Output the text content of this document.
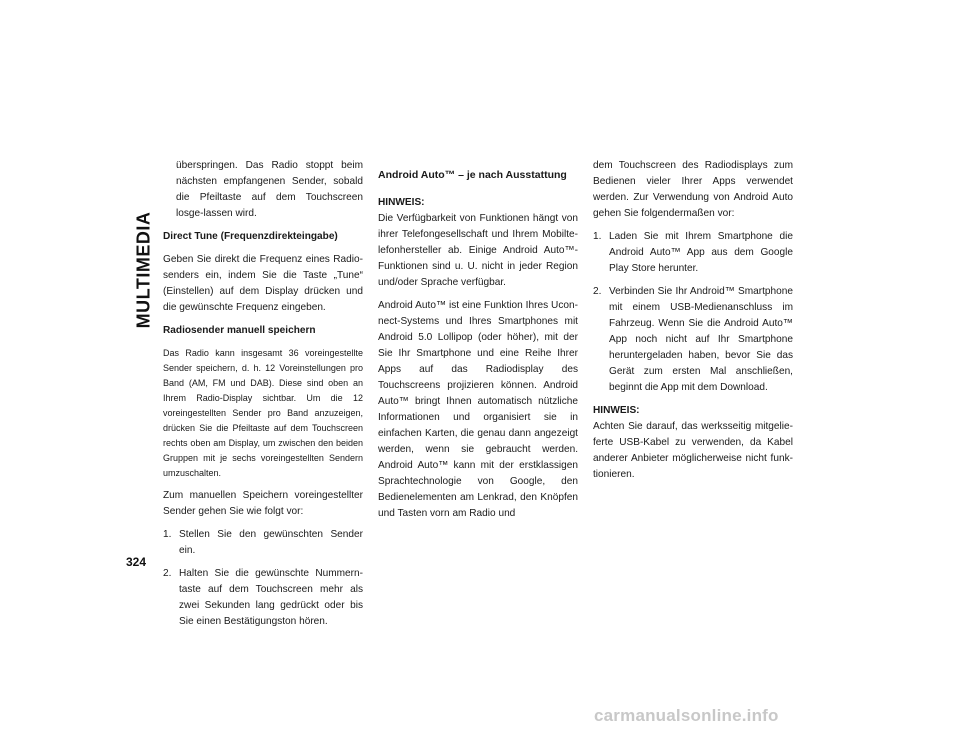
MULTIMEDIA
324

überspringen. Das Radio stoppt beim nächsten empfangenen Sender, sobald die Pfeiltaste auf dem Touchscreen losge-lassen wird.

Direct Tune (Frequenzdirekteingabe)

Geben Sie direkt die Frequenz eines Radio-senders ein, indem Sie die Taste „Tune“ (Einstellen) auf dem Display drücken und die gewünschte Frequenz eingeben.

Radiosender manuell speichern

Das Radio kann insgesamt 36 voreingestellte Sender speichern, d. h. 12 Voreinstellungen pro Band (AM, FM und DAB). Diese sind oben an Ihrem Radio-Display sichtbar. Um die 12 voreingestellten Sender pro Band anzuzeigen, drücken Sie die Pfeiltaste auf dem Touchscreen rechts oben am Display, um zwischen den beiden Gruppen mit je sechs voreingestellten Sendern umzuschalten.

Zum manuellen Speichern voreingestellter Sender gehen Sie wie folgt vor:

1. Stellen Sie den gewünschten Sender ein.
2. Halten Sie die gewünschte Nummern-taste auf dem Touchscreen mehr als zwei Sekunden lang gedrückt oder bis Sie einen Bestätigungston hören.

Android Auto™ – je nach Ausstattung

HINWEIS:

Die Verfügbarkeit von Funktionen hängt von ihrer Telefongesellschaft und Ihrem Mobilte-lefonhersteller ab. Einige Android Auto™-Funktionen sind u. U. nicht in jeder Region und/oder Sprache verfügbar.

Android Auto™ ist eine Funktion Ihres Ucon-nect-Systems und Ihres Smartphones mit Android 5.0 Lollipop (oder höher), mit der Sie Ihr Smartphone und eine Reihe Ihrer Apps auf das Radiodisplay des Touchscreens projizieren können. Android Auto™ bringt Ihnen automatisch nützliche Informationen und organisiert sie in einfachen Karten, die genau dann angezeigt werden, wenn sie gebraucht werden. Android Auto™ kann mit der erstklassigen Sprachtechnologie von Google, den Bedienelementen am Lenkrad, den Knöpfen und Tasten vorn am Radio und

dem Touchscreen des Radiodisplays zum Bedienen vieler Ihrer Apps verwendet werden. Zur Verwendung von Android Auto gehen Sie folgendermaßen vor:

1. Laden Sie mit Ihrem Smartphone die Android Auto™ App aus dem Google Play Store herunter.
2. Verbinden Sie Ihr Android™ Smartphone mit einem USB-Medienanschluss im Fahrzeug. Wenn Sie die Android Auto™ App noch nicht auf Ihr Smartphone heruntergeladen haben, bevor Sie das Gerät zum ersten Mal anschließen, beginnt die App mit dem Download.

HINWEIS:

Achten Sie darauf, das werksseitig mitgelie-ferte USB-Kabel zu verwenden, da Kabel anderer Anbieter möglicherweise nicht funk-tionieren.

carmanualsonline.info
